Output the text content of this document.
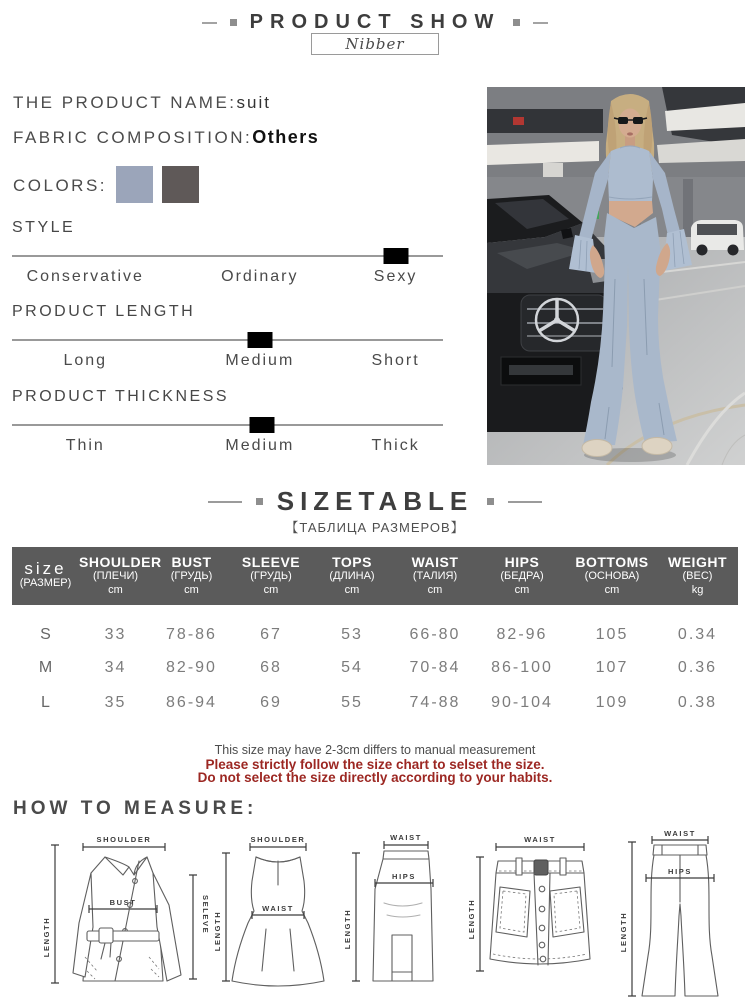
PRODUCT SHOW
Nibber
THE PRODUCT NAME:suit
FABRIC COMPOSITION:Others
COLORS:
STYLE
Conservative	Ordinary	Sexy
PRODUCT LENGTH
Long	Medium	Short
PRODUCT THICKNESS
Thin	Medium	Thick
SIZETABLE
【ТАБЛИЦА РАЗМЕРОВ】
size
(РАЗМЕР)
SHOULDER
(ПЛЕЧИ)
cm
BUST
(ГРУДЬ)
cm
SLEEVE
(ГРУДЬ)
cm
TOPS
(ДЛИНА)
cm
WAIST
(ТАЛИЯ)
cm
HIPS
(БЕДРА)
cm
BOTTOMS
(ОСНОВА)
cm
WEIGHT
(ВЕС)
kg
S	33	78-86	67	53	66-80	82-96	105	0.34
M	34	82-90	68	54	70-84	86-100	107	0.36
L	35	86-94	69	55	74-88	90-104	109	0.38
This size may have 2-3cm differs to manual measurement
Please strictly follow the size chart to selset the size.
Do not select the size directly according to your habits.
HOW TO MEASURE:
SHOULDER
LENGTH
SELEVE
BUST
SHOULDER
LENGTH
WAIST
WAIST
LENGTH
HIPS
WAIST
LENGTH
WAIST
LENGTH
HIPS
